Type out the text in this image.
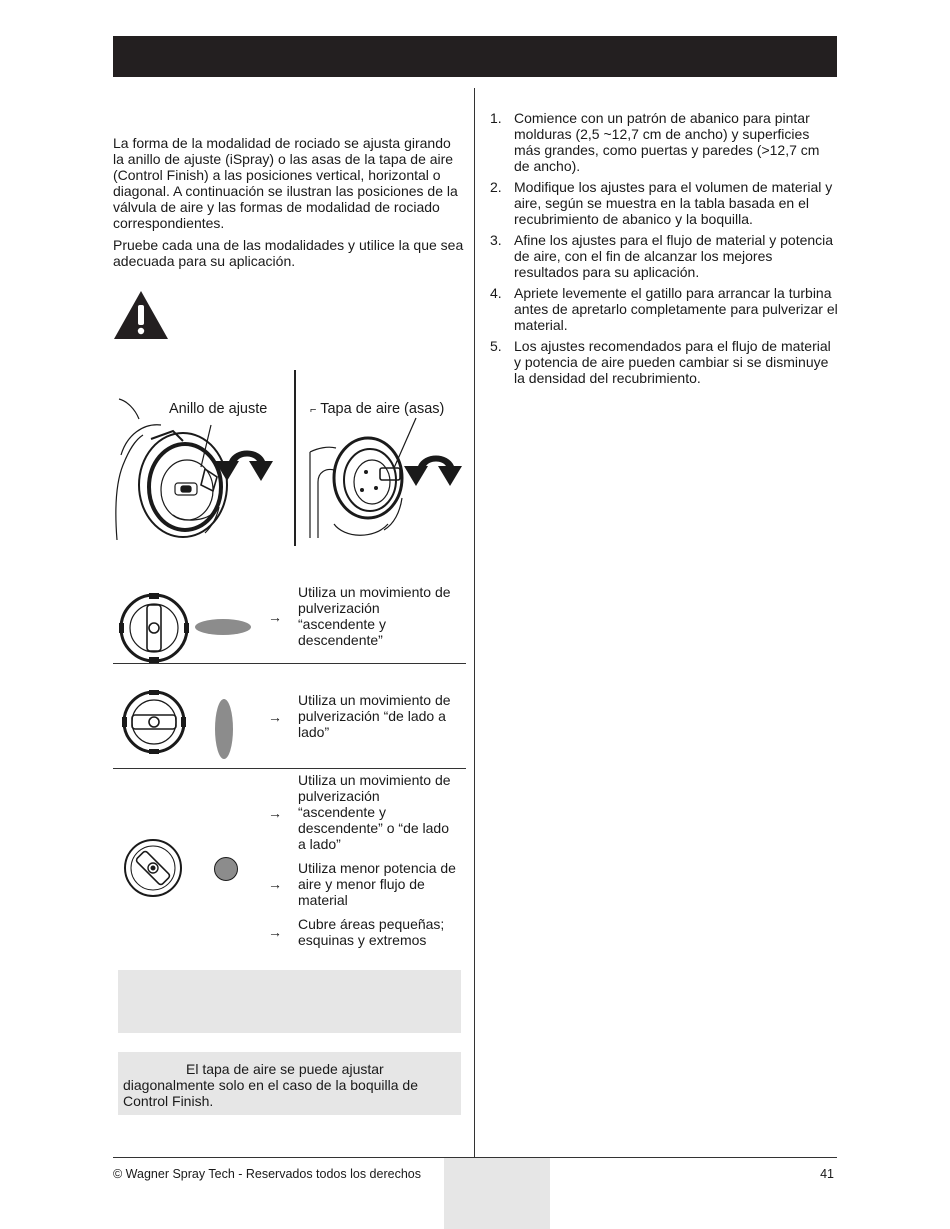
La forma de la modalidad de rociado se ajusta girando la anillo de ajuste (iSpray) o las asas de la tapa de aire (Control Finish) a las posiciones vertical, horizontal o diagonal. A continuación se ilustran las posiciones de la válvula de aire y las formas de modalidad de rociado correspondientes.
Pruebe cada una de las modalidades y utilice la que sea adecuada para su aplicación.
Anillo de ajuste	⌐ Tapa de aire (asas)
→
Utiliza un movimiento de pulverización “ascendente y descendente”
→
Utiliza un movimiento de pulverización “de lado a lado”
→
Utiliza un movimiento de pulverización “ascendente y descendente” o “de lado a lado”
→
Utiliza menor potencia de aire y menor flujo de material
→ Cubre áreas pequeñas; esquinas y extremos
El tapa de aire se puede ajustar diagonalmente solo en el caso de la boquilla de Control Finish.
1. Comience con un patrón de abanico para pintar molduras (2,5 ~12,7 cm de ancho) y superficies más grandes, como puertas y paredes (>12,7 cm de ancho).
2. Modifique los ajustes para el volumen de material y aire, según se muestra en la tabla basada en el recubrimiento de abanico y la boquilla.
3. Afine los ajustes para el flujo de material y potencia de aire, con el fin de alcanzar los mejores resultados para su aplicación.
4. Apriete levemente el gatillo para arrancar la turbina antes de apretarlo completamente para pulverizar el material.
5. Los ajustes recomendados para el flujo de material y potencia de aire pueden cambiar si se disminuye la densidad del recubrimiento.
© Wagner Spray Tech - Reservados todos los derechos	41
